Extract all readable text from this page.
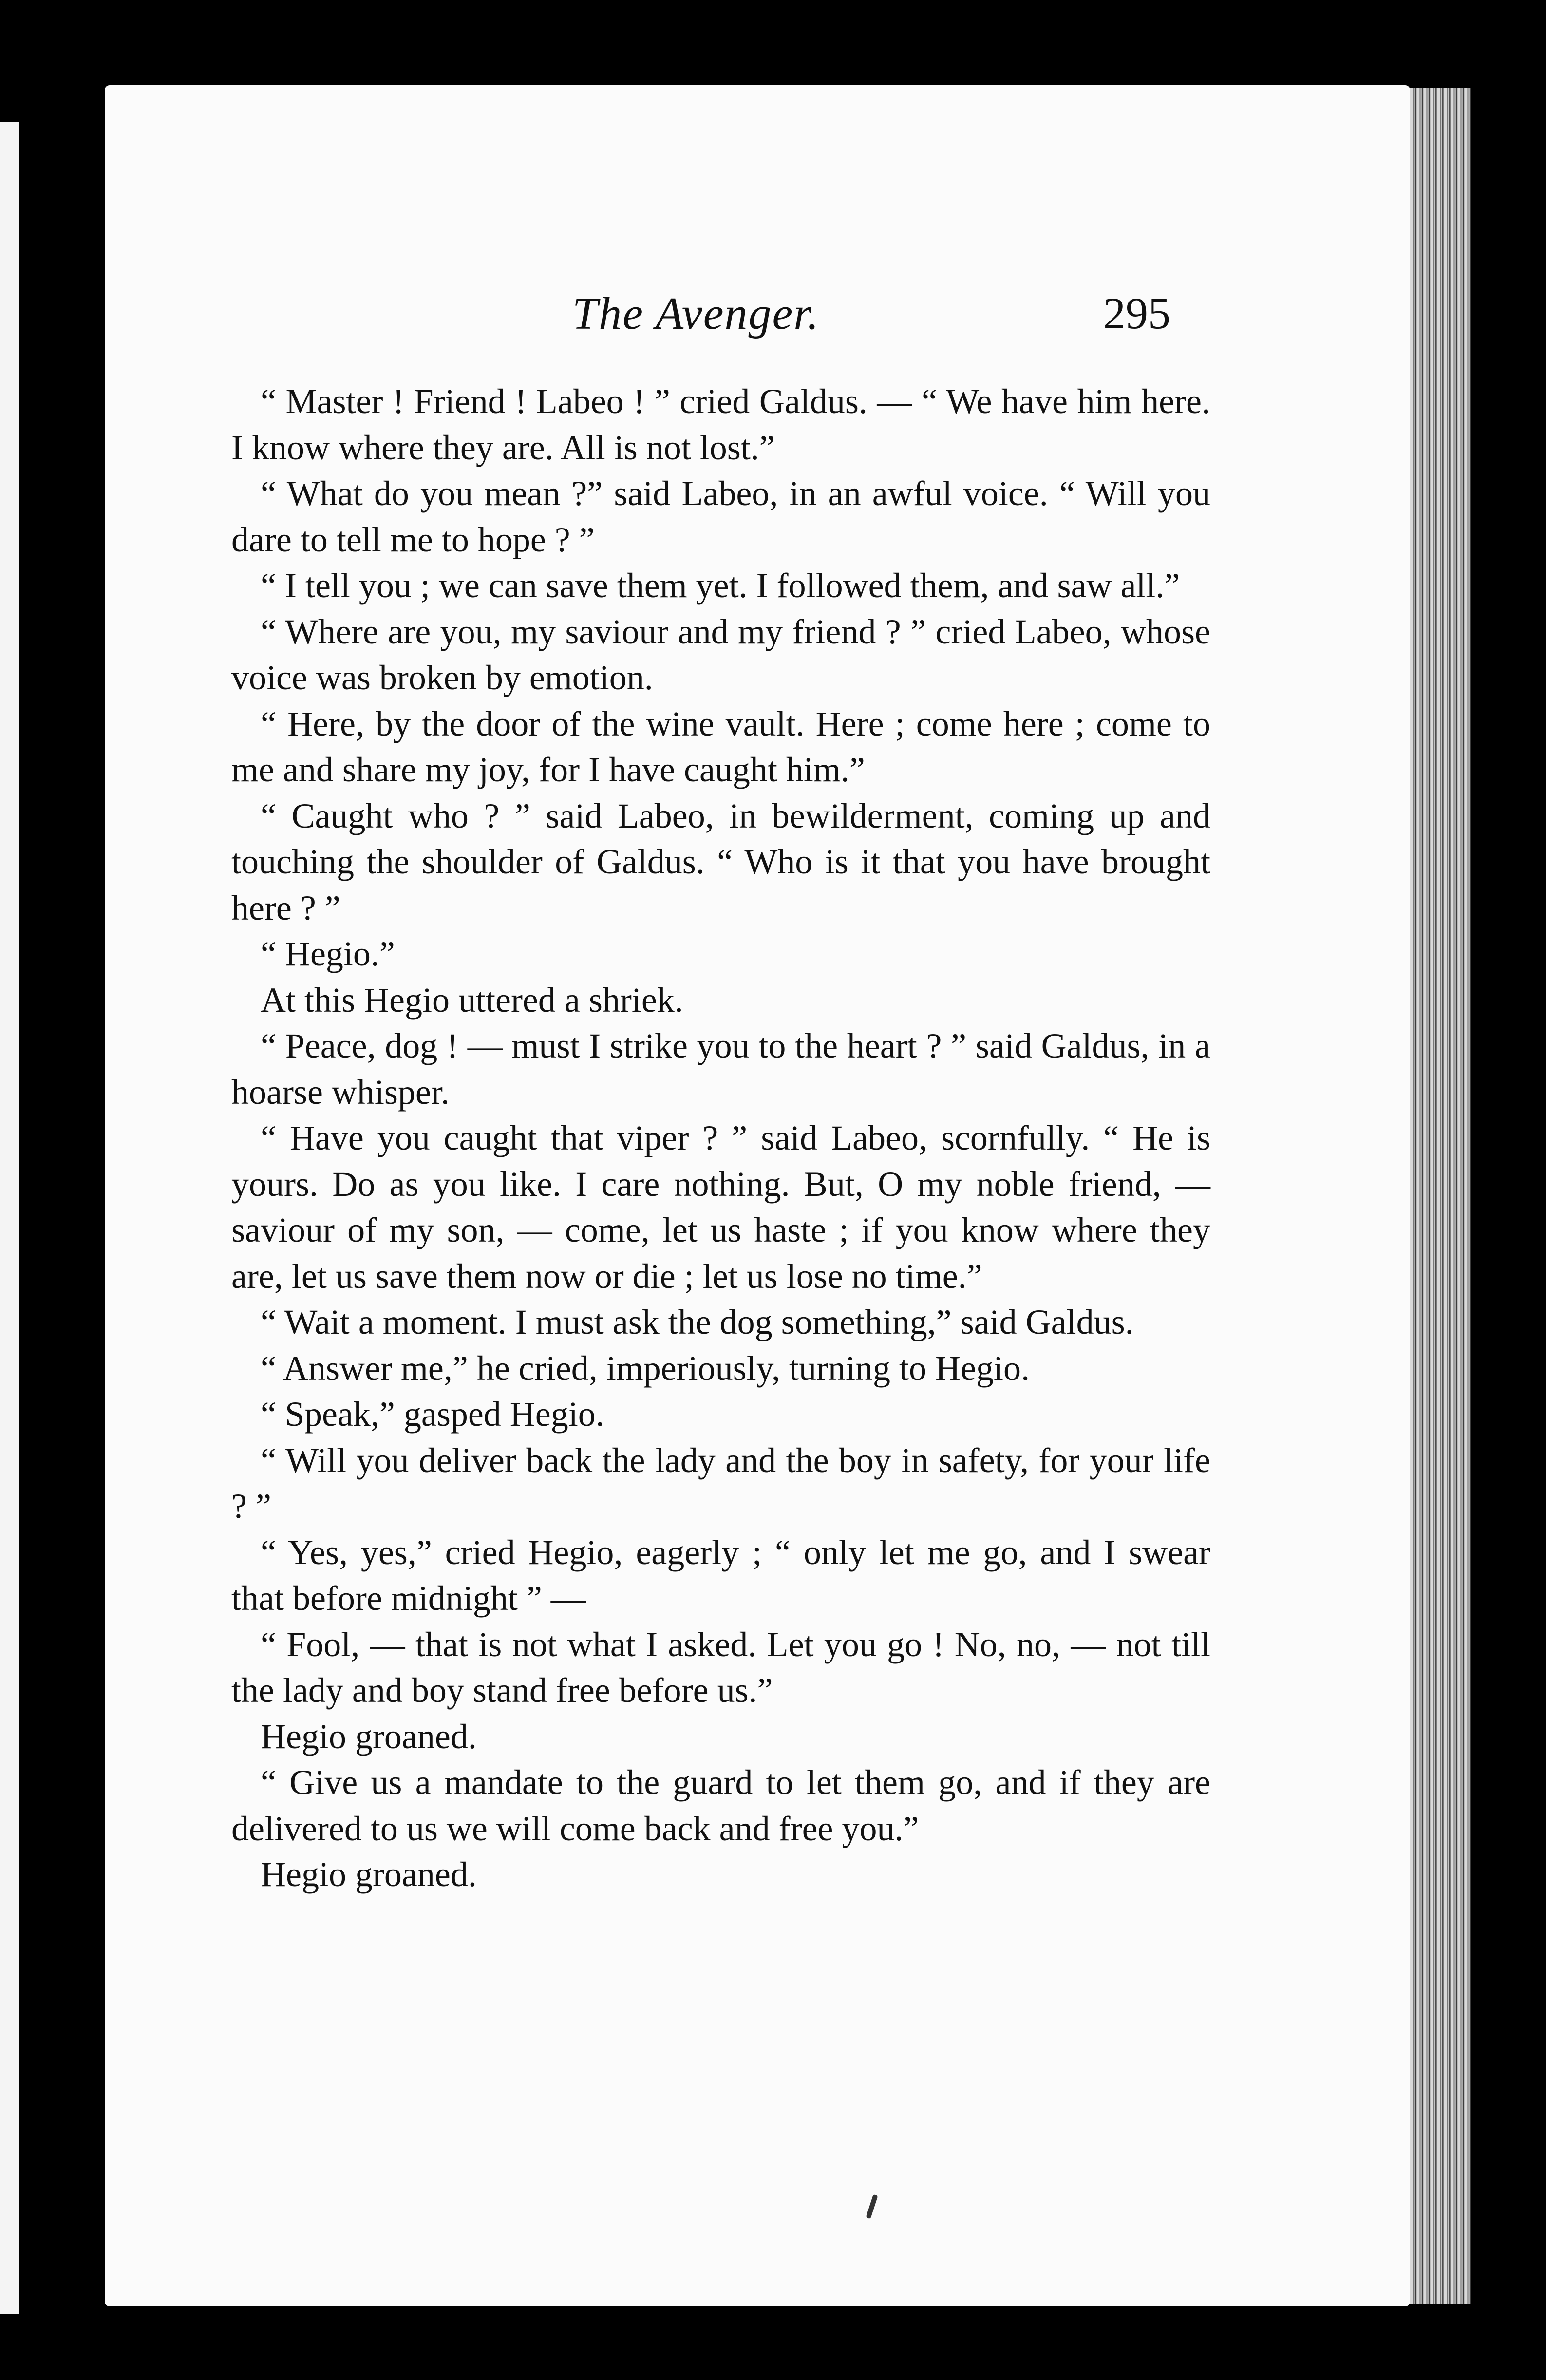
The Avenger.	295

“ Master ! Friend ! Labeo ! ” cried Galdus. — “ We have him here. I know where they are. All is not lost.”

“ What do you mean ?” said Labeo, in an awful voice. “ Will you dare to tell me to hope ? ”

“ I tell you ; we can save them yet. I followed them, and saw all.”

“ Where are you, my saviour and my friend ? ” cried Labeo, whose voice was broken by emotion.

“ Here, by the door of the wine vault. Here ; come here ; come to me and share my joy, for I have caught him.”

“ Caught who ? ” said Labeo, in bewilderment, coming up and touching the shoulder of Galdus. “ Who is it that you have brought here ? ”

“ Hegio.”

At this Hegio uttered a shriek.

“ Peace, dog ! — must I strike you to the heart ? ” said Galdus, in a hoarse whisper.

“ Have you caught that viper ? ” said Labeo, scornfully. “ He is yours. Do as you like. I care nothing. But, O my noble friend, — saviour of my son, — come, let us haste ; if you know where they are, let us save them now or die ; let us lose no time.”

“ Wait a moment. I must ask the dog something,” said Galdus.

“ Answer me,” he cried, imperiously, turning to Hegio.

“ Speak,” gasped Hegio.

“ Will you deliver back the lady and the boy in safety, for your life ? ”

“ Yes, yes,” cried Hegio, eagerly ; “ only let me go, and I swear that before midnight ” —

“ Fool, — that is not what I asked. Let you go ! No, no, — not till the lady and boy stand free before us.”

Hegio groaned.

“ Give us a mandate to the guard to let them go, and if they are delivered to us we will come back and free you.”

Hegio groaned.
